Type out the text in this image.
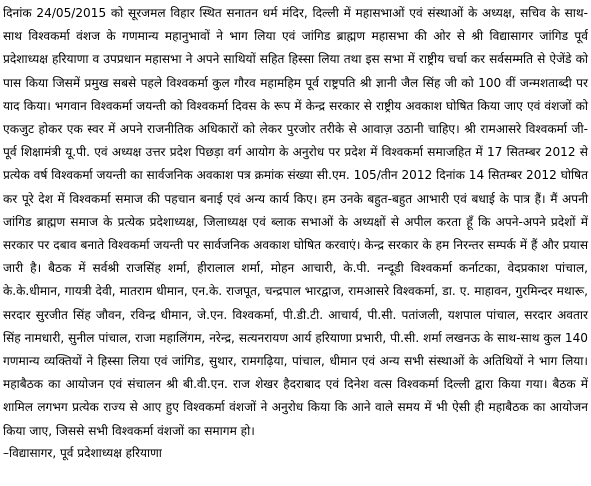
दिनांक 24/05/2015 को सूरजमल विहार स्थित सनातन धर्म मंदिर, दिल्ली में महासभाओं एवं संस्थाओं के अध्यक्ष, सचिव के साथ-साथ विश्वकर्मा वंशज के गणमान्य महानुभावों ने भाग लिया एवं जांगिड ब्राह्मण महासभा की ओर से श्री विद्यासागर जांगिड पूर्व प्रदेशाध्यक्ष हरियाणा व उपप्रधान महासभा ने अपने साथियों सहित हिस्सा लिया तथा इस सभा में राष्ट्रीय चर्चा कर सर्वसम्मति से ऐजेंडे को पास किया जिसमें प्रमुख सबसे पहले विश्वकर्मा कुल गौरव महामहिम पूर्व राष्ट्रपति श्री ज्ञानी जैल सिंह जी को 100 वीं जन्मशताब्दी पर याद किया। भगवान विश्वकर्मा जयन्ती को विश्वकर्मा दिवस के रूप में केन्द्र सरकार से राष्ट्रीय अवकाश घोषित किया जाए एवं वंशजों को एकजुट होकर एक स्वर में अपने राजनीतिक अधिकारों को लेकर पुरजोर तरीके से आवाज़ उठानी चाहिए। श्री रामआसरे विश्वकर्मा जी-पूर्व शिक्षामंत्री यू.पी. एवं अध्यक्ष उत्तर प्रदेश पिछड़ा वर्ग आयोग के अनुरोध पर प्रदेश में विश्वकर्मा समाजहित में 17 सितम्बर 2012 से प्रत्येक वर्ष विश्वकर्मा जयन्ती का सार्वजनिक अवकाश पत्र क्रमांक संख्या सी.एम. 105/तीन 2012 दिनांक 14 सितम्बर 2012 घोषित कर पूरे देश में विश्वकर्मा समाज की पहचान बनाई एवं अन्य कार्य किए। हम उनके बहुत-बहुत आभारी एवं बधाई के पात्र हैं। मैं अपनी जांगिड ब्राह्मण समाज के प्रत्येक प्रदेशाध्यक्ष, जिलाध्यक्ष एवं ब्लाक सभाओं के अध्यक्षों से अपील करता हूँ कि अपने-अपने प्रदेशों में सरकार पर दबाव बनाते विश्वकर्मा जयन्ती पर सार्वजनिक अवकाश घोषित करवाएं। केन्द्र सरकार के हम निरन्तर सम्पर्क में हैं और प्रयास जारी है। बैठक में सर्वश्री राजसिंह शर्मा, हीरालाल शर्मा, मोहन आचारी, के.पी. नन्दूडी विश्वकर्मा कर्नाटका, वेदप्रकाश पांचाल, के.के.धीमान, गायत्री देवी, मातराम धीमान, एन.के. राजपूत, चन्द्रपाल भारद्वाज, रामआसरे विश्वकर्मा, डा. ए. माहावन, गुरमिन्दर मथारू, सरदार सुरजीत सिंह जौवन, रविन्द्र धीमान, जे.एन. विश्वकर्मा, पी.डी.टी. आचार्य, पी.सी. पतांजली, यशपाल पांचाल, सरदार अवतार सिंह नामधारी, सुनील पांचाल, राजा महालिंगम, नरेन्द्र, सत्यनरायण आर्य हरियाणा प्रभारी, पी.सी. शर्मा लखनऊ के साथ-साथ कुल 140 गणमान्य व्यक्तियों ने हिस्सा लिया एवं जांगिड, सुथार, रामगढ़िया, पांचाल, धीमान एवं अन्य सभी संस्थाओं के अतिथियों ने भाग लिया। महाबैठक का आयोजन एवं संचालन श्री बी.वी.एन. राज शेखर हैदराबाद एवं दिनेश वत्स विश्वकर्मा दिल्ली द्वारा किया गया। बैठक में शामिल लगभग प्रत्येक राज्य से आए हुए विश्वकर्मा वंशजों ने अनुरोध किया कि आने वाले समय में भी ऐसी ही महाबैठक का आयोजन किया जाए, जिससे सभी विश्वकर्मा वंशजों का समागम हो।

–विद्यासागर, पूर्व प्रदेशाध्यक्ष हरियाणा
